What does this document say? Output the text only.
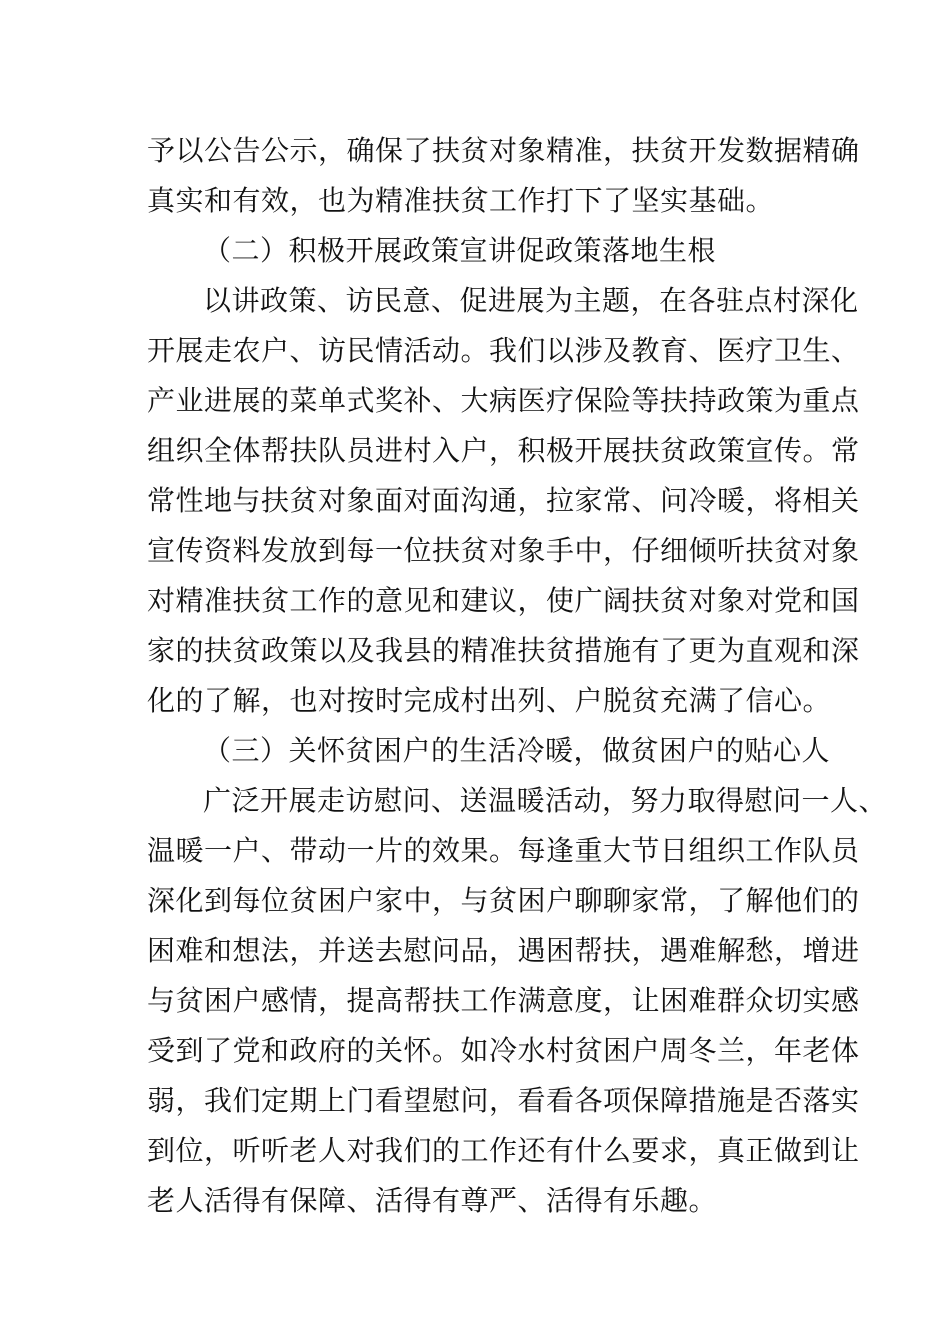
予以公告公示，确保了扶贫对象精准，扶贫开发数据精确
真实和有效，也为精准扶贫工作打下了坚实基础。
（二）积极开展政策宣讲促政策落地生根
以讲政策、访民意、促进展为主题，在各驻点村深化
开展走农户、访民情活动。我们以涉及教育、医疗卫生、
产业进展的菜单式奖补、大病医疗保险等扶持政策为重点
组织全体帮扶队员进村入户，积极开展扶贫政策宣传。常
常性地与扶贫对象面对面沟通，拉家常、问冷暖，将相关
宣传资料发放到每一位扶贫对象手中，仔细倾听扶贫对象
对精准扶贫工作的意见和建议，使广阔扶贫对象对党和国
家的扶贫政策以及我县的精准扶贫措施有了更为直观和深
化的了解，也对按时完成村出列、户脱贫充满了信心。
（三）关怀贫困户的生活冷暖，做贫困户的贴心人
广泛开展走访慰问、送温暖活动，努力取得慰问一人、
温暖一户、带动一片的效果。每逢重大节日组织工作队员
深化到每位贫困户家中，与贫困户聊聊家常，了解他们的
困难和想法，并送去慰问品，遇困帮扶，遇难解愁，增进
与贫困户感情，提高帮扶工作满意度，让困难群众切实感
受到了党和政府的关怀。如冷水村贫困户周冬兰，年老体
弱，我们定期上门看望慰问，看看各项保障措施是否落实
到位，听听老人对我们的工作还有什么要求，真正做到让
老人活得有保障、活得有尊严、活得有乐趣。
